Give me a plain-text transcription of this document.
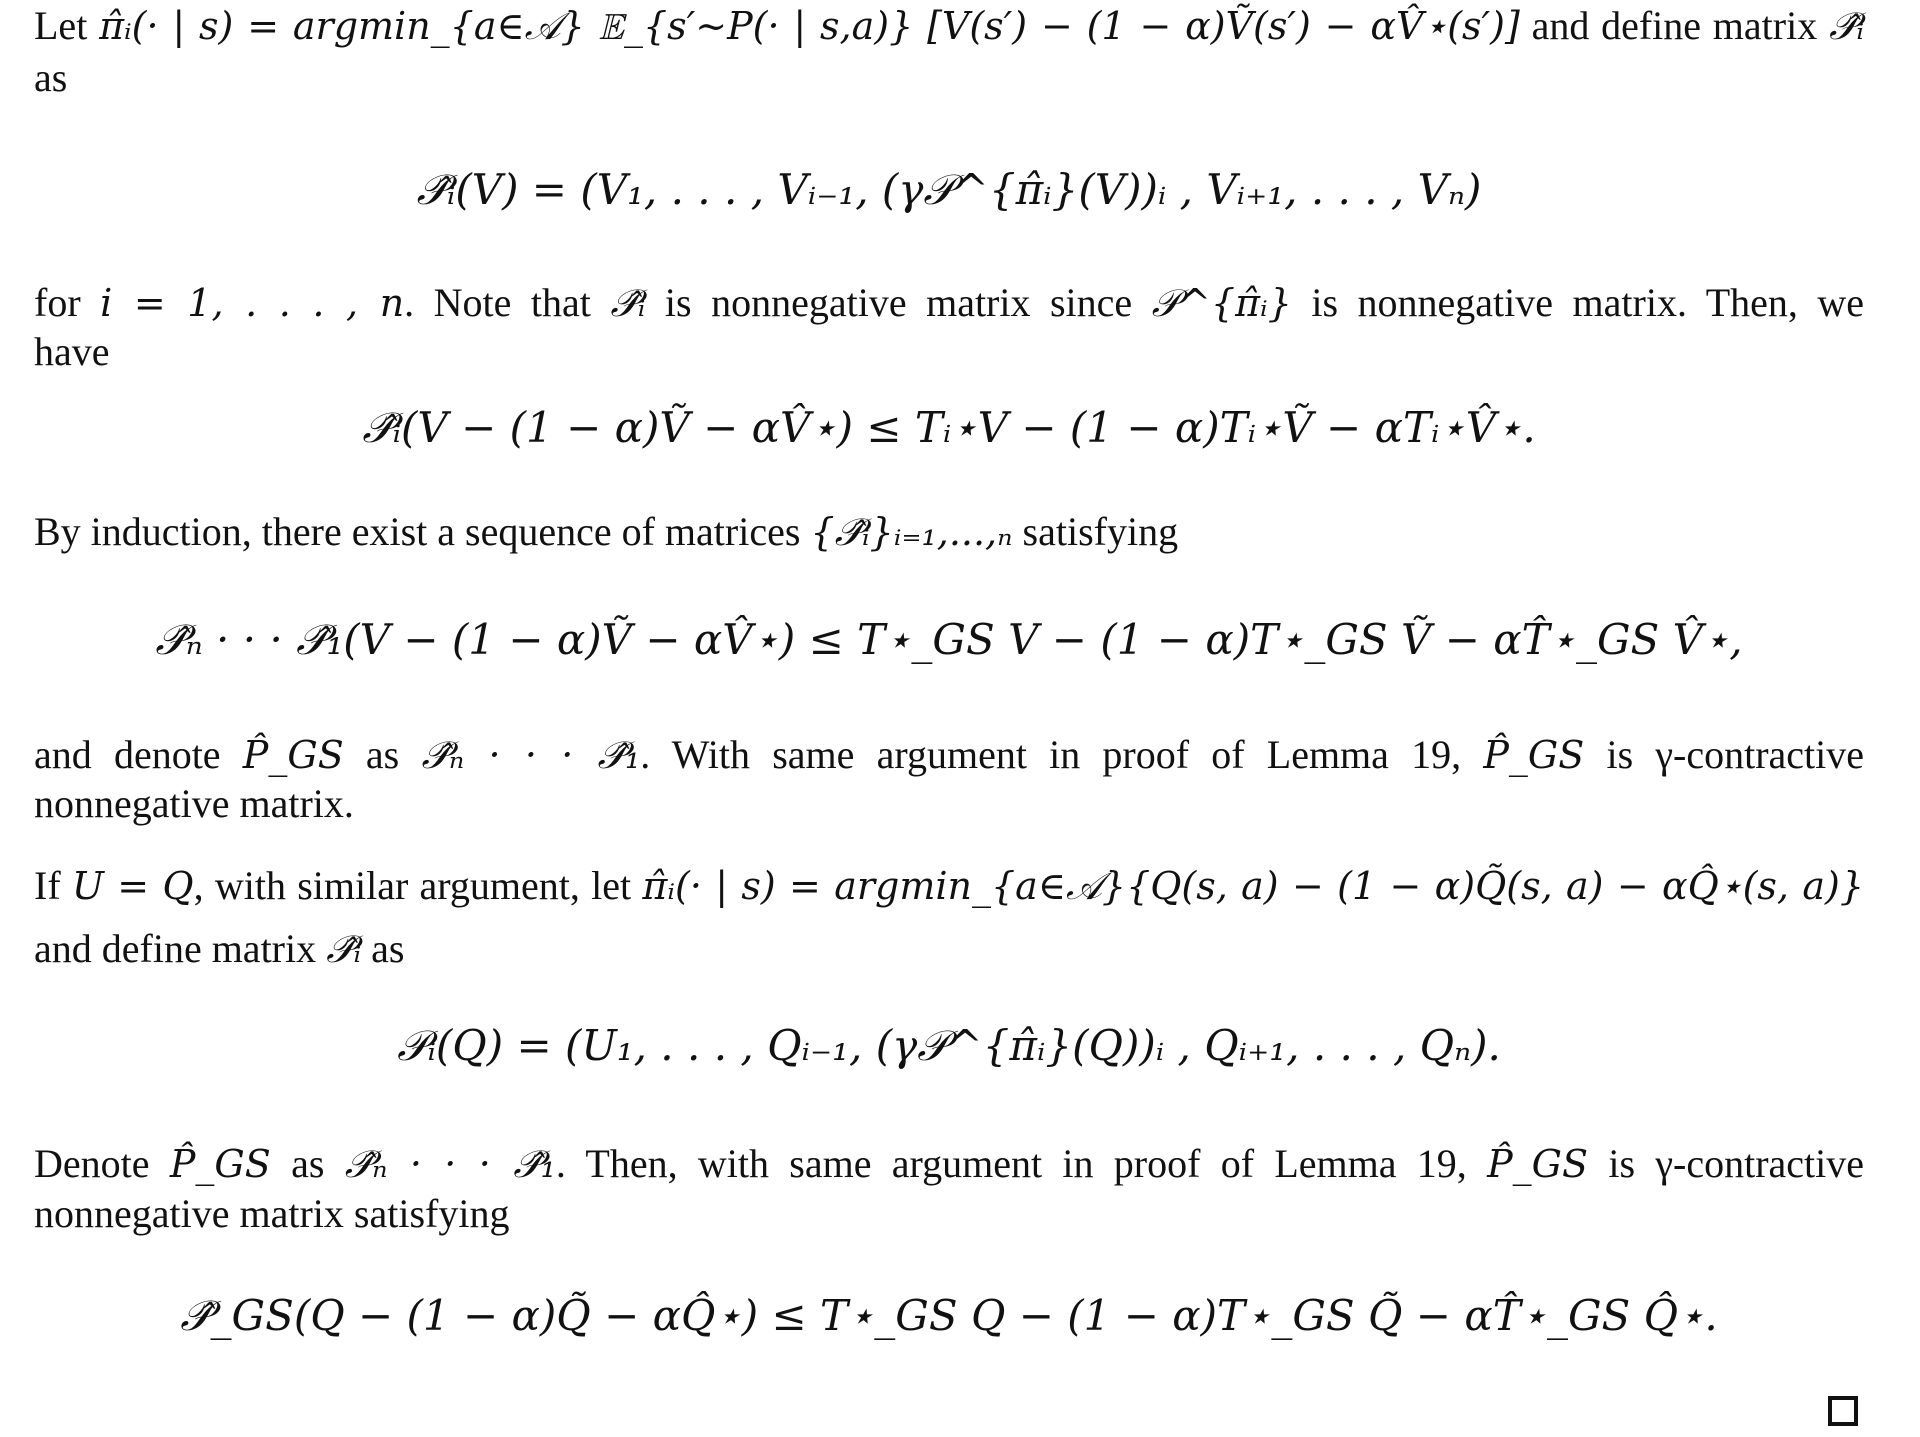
Let π̂ᵢ(· | s) = argmin_{a∈𝒜} 𝔼_{s′∼P(· | s,a)} [V(s′) − (1 − α)Ṽ(s′) − αV̂⋆(s′)] and define matrix 𝒫̂ᵢ
as
𝒫̂ᵢ(V) = (V₁, . . . , Vᵢ₋₁, (γ𝒫^{π̂ᵢ}(V))ᵢ , Vᵢ₊₁, . . . , Vₙ)
for i = 1, . . . , n. Note that 𝒫̂ᵢ is nonnegative matrix since 𝒫^{π̂ᵢ} is nonnegative matrix. Then, we
have
𝒫̂ᵢ(V − (1 − α)Ṽ − αV̂⋆) ≤ Tᵢ⋆V − (1 − α)Tᵢ⋆Ṽ − αTᵢ⋆V̂⋆.
By induction, there exist a sequence of matrices {𝒫̂ᵢ}ᵢ₌₁,...,ₙ satisfying
𝒫̂ₙ · · · 𝒫̂₁(V − (1 − α)Ṽ − αV̂⋆) ≤ T⋆_GS V − (1 − α)T⋆_GS Ṽ − αT̂⋆_GS V̂⋆,
and denote P̂_GS as 𝒫̂ₙ · · · 𝒫̂₁. With same argument in proof of Lemma 19, P̂_GS is γ-contractive
nonnegative matrix.
If U = Q, with similar argument, let π̂ᵢ(· | s) = argmin_{a∈𝒜}{Q(s, a) − (1 − α)Q̃(s, a) − αQ̂⋆(s, a)}
and define matrix 𝒫̂ᵢ as
𝒫ᵢ(Q) = (U₁, . . . , Qᵢ₋₁, (γ𝒫^{π̂ᵢ}(Q))ᵢ , Qᵢ₊₁, . . . , Qₙ).
Denote P̂_GS as 𝒫̂ₙ · · · 𝒫̂₁. Then, with same argument in proof of Lemma 19, P̂_GS is γ-contractive
nonnegative matrix satisfying
𝒫̂_GS(Q − (1 − α)Q̃ − αQ̂⋆) ≤ T⋆_GS Q − (1 − α)T⋆_GS Q̃ − αT̂⋆_GS Q̂⋆.
